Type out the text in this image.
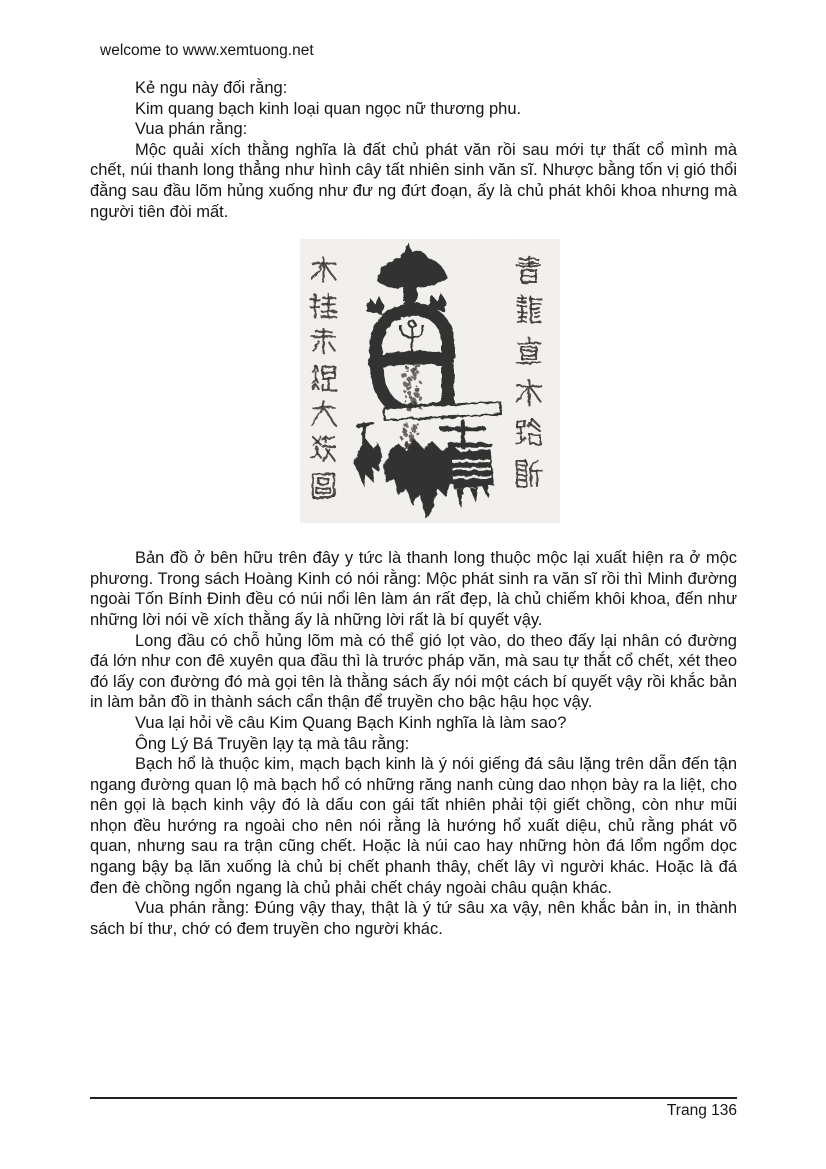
welcome to www.xemtuong.net

Kẻ ngu này đối rằng:

Kim quang bạch kinh loại quan ngọc nữ thương phu.

Vua phán rằng:

Mộc quải xích thằng nghĩa là đất chủ phát văn rồi sau mới tự thất cổ mình mà chết, núi thanh long thẳng như hình cây tất nhiên sinh văn sĩ. Nhược bằng tốn vị gió thổi đằng sau đầu lõm hủng xuống như đư ng đứt đoạn, ấy là chủ phát khôi khoa nhưng mà người tiên đòi mất.

Bản đồ ở bên hữu trên đây y tức là thanh long thuộc mộc lại xuất hiện ra ở mộc phương. Trong sách Hoàng Kinh có nói rằng: Mộc phát sinh ra văn sĩ rồi thì Minh đường ngoài Tốn Bính Đinh đều có núi nổi lên làm án rất đẹp, là chủ chiếm khôi khoa, đến như những lời nói về xích thằng ấy là những lời rất là bí quyết vậy.

Long đầu có chỗ hủng lõm mà có thể gió lọt vào, do theo đấy lại nhân có đường đá lớn như con đê xuyên qua đầu thì là trước pháp văn, mà sau tự thắt cổ chết, xét theo đó lấy con đường đó mà gọi tên là thằng sách ấy nói một cách bí quyết vậy rồi khắc bản in làm bản đồ in thành sách cẩn thận để truyền cho bậc hậu học vậy.

Vua lại hỏi về câu Kim Quang Bạch Kinh nghĩa là làm sao?

Ông Lý Bá Truyền lạy tạ mà tâu rằng:

Bạch hổ là thuộc kim, mạch bạch kinh là ý nói giếng đá sâu lặng trên dẫn đến tận ngang đường quan lộ mà bạch hổ có những răng nanh cùng dao nhọn bày ra la liệt, cho nên gọi là bạch kinh vậy đó là dấu con gái tất nhiên phải tội giết chồng, còn như mũi nhọn đều hướng ra ngoài cho nên nói rằng là hướng hổ xuất diệu, chủ rằng phát võ quan, nhưng sau ra trận cũng chết. Hoặc là núi cao hay những hòn đá lổm ngổm dọc ngang bậy bạ lăn xuống là chủ bị chết phanh thây, chết lây vì người khác. Hoặc là đá đen đè chồng ngổn ngang là chủ phải chết cháy ngoài châu quận khác.

Vua phán rằng: Đúng vậy thay, thật là ý tứ sâu xa vậy, nên khắc bản in, in thành sách bí thư, chớ có đem truyền cho người khác.

Trang 136
